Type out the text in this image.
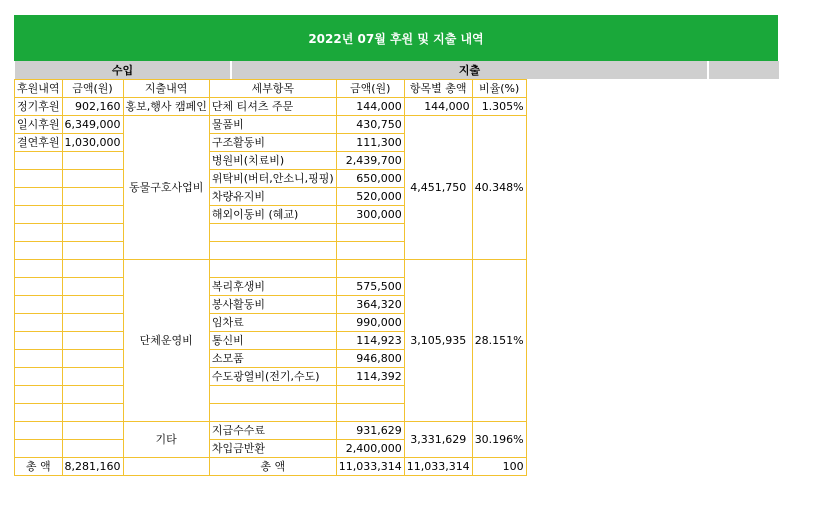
2022년 07월 후원 및 지출 내역
수입	지출
후원내역	금액(원)	지출내역	세부항목	금액(원)	항목별 총액	비율(%)
정기후원	902,160	홍보,행사 캠페인	단체 티셔츠 주문	144,000	144,000	1.305%
일시후원	6,349,000	동물구호사업비	물품비	430,750	4,451,750	40.348%
결연후원	1,030,000		구조활동비	111,300		
			병원비(치료비)	2,439,700		
			위탁비(버터,안소니,핑핑)	650,000		
			차량유지비	520,000		
			해외이동비 (혜교)	300,000		

		단체운영비			3,105,935	28.151%
			복리후생비	575,500		
			봉사활동비	364,320		
			임차료	990,000		
			통신비	114,923		
			소모품	946,800		
			수도광열비(전기,수도)	114,392		

		기타	지급수수료	931,629	3,331,629	30.196%
			차입금반환	2,400,000		
총 액	8,281,160		총 액	11,033,314	11,033,314	100
